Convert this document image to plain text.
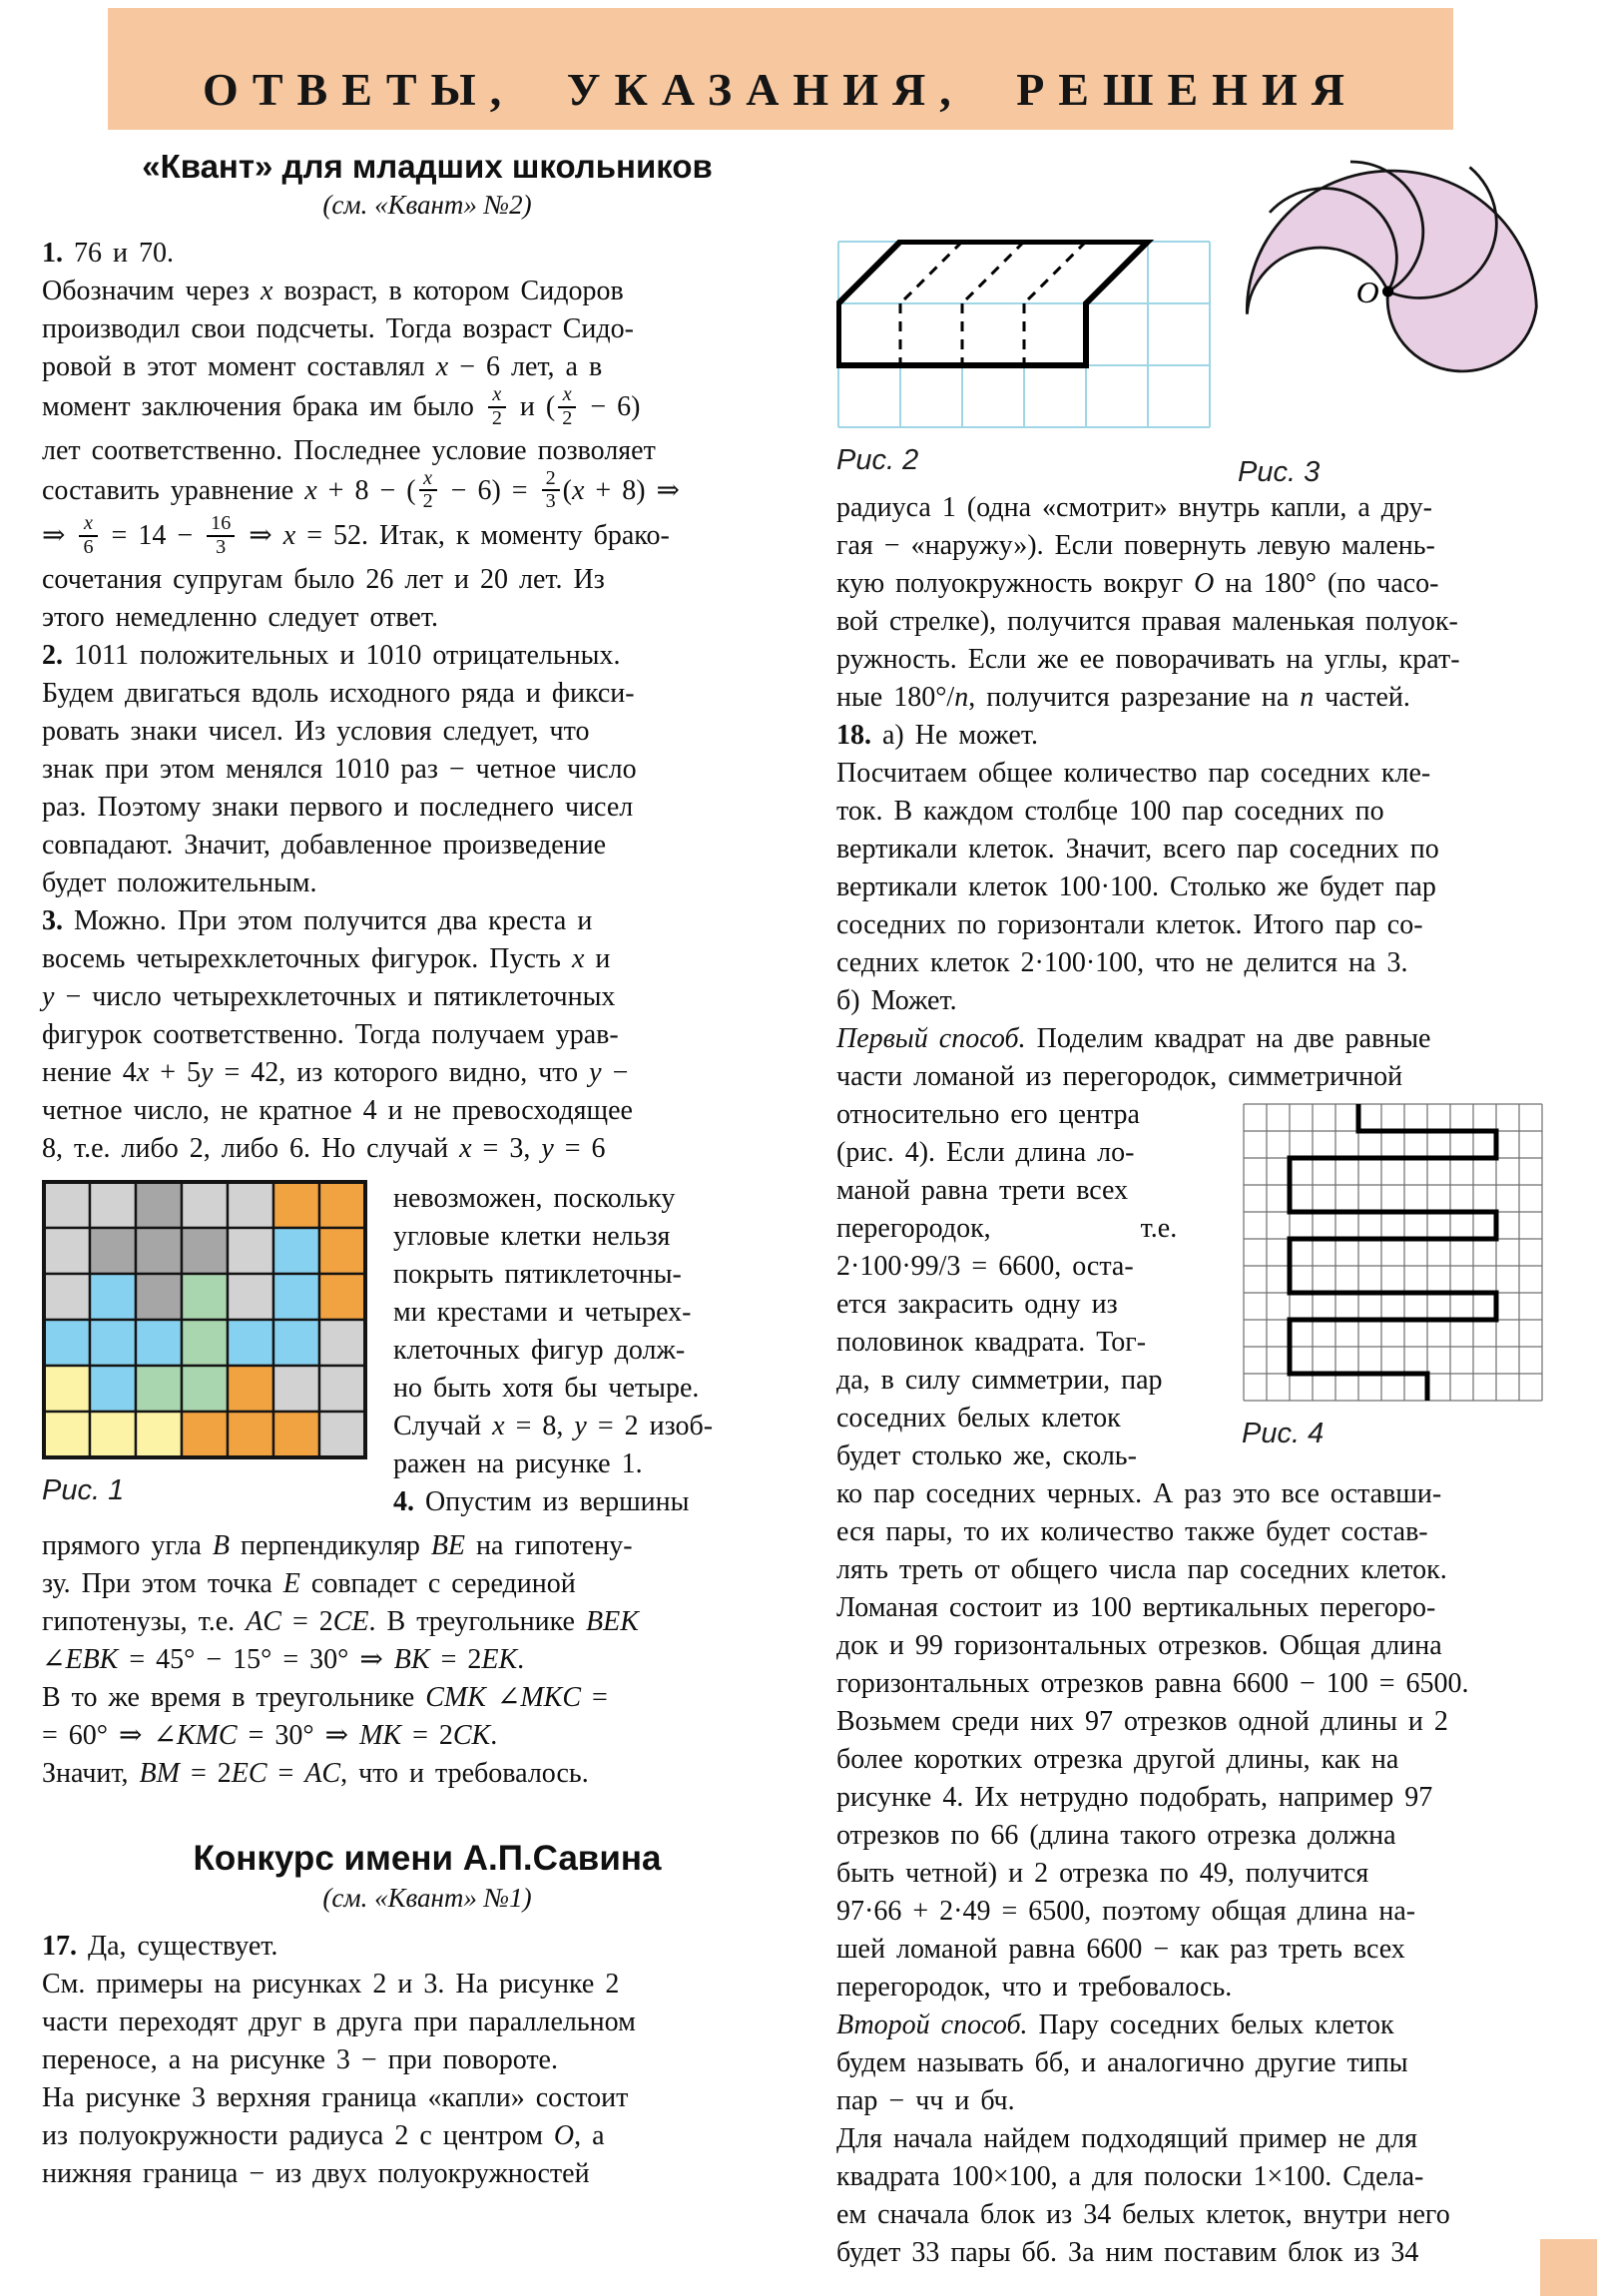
ОТВЕТЫ, УКАЗАНИЯ, РЕШЕНИЯ
«Квант» для младших школьников
(см. «Квант» №2)
1. 76 и 70.
Обозначим через x возраст, в котором Сидоров
производил свои подсчеты. Тогда возраст Сидо-
ровой в этот момент составлял x − 6 лет, а в
момент заключения брака им было $\frac{x}{2}$ и ( $\frac{x}{2} - 6$)
лет соответственно. Последнее условие позволяет
составить уравнение x + 8 − ( $\frac{x}{2} - 6) = \frac{2}{3} (x + 8)$ ⇒
⇒ $\frac{x}{6} = 14 - \frac{16}{3}$ ⇒ x = 52. Итак, к моменту брако-
сочетания супругам было 26 лет и 20 лет. Из
этого немедленно следует ответ.
2. 1011 положительных и 1010 отрицательных.
Будем двигаться вдоль исходного ряда и фикси-
ровать знаки чисел. Из условия следует, что
знак при этом менялся 1010 раз − четное число
раз. Поэтому знаки первого и последнего чисел
совпадают. Значит, добавленное произведение
будет положительным.
3. Можно. При этом получится два креста и
восемь четырехклеточных фигурок. Пусть x и
y − число четырехклеточных и пятиклеточных
фигурок соответственно. Тогда получаем урав-
нение 4x + 5y = 42, из которого видно, что y −
четное число, не кратное 4 и не превосходящее
8, т.е. либо 2, либо 6. Но случай x = 3, y = 6
Рис. 1
невозможен, поскольку
угловые клетки нельзя
покрыть пятиклеточны-
ми крестами и четырех-
клеточных фигур долж-
но быть хотя бы четыре.
Случай x = 8, y = 2 изоб-
ражен на рисунке 1.
4. Опустим из вершины
прямого угла B перпендикуляр BE на гипотену-
зу. При этом точка E совпадет с серединой
гипотенузы, т.е. AC = 2CE. В треугольнике BEK
∠EBK = 45° − 15° = 30° ⇒ BK = 2EK.
В то же время в треугольнике CMK ∠MKC =
= 60° ⇒ ∠KMC = 30° ⇒ MK = 2CK.
Значит, BM = 2EC = AC, что и требовалось.
Конкурс имени А.П.Савина
(см. «Квант» №1)
17. Да, существует.
См. примеры на рисунках 2 и 3. На рисунке 2
части переходят друг в друга при параллельном
переносе, а на рисунке 3 − при повороте.
На рисунке 3 верхняя граница «капли» состоит
из полуокружности радиуса 2 с центром O, а
нижняя граница − из двух полуокружностей
Рис. 2
O
Рис. 3
радиуса 1 (одна «смотрит» внутрь капли, а дру-
гая − «наружу»). Если повернуть левую малень-
кую полуокружность вокруг O на 180° (по часо-
вой стрелке), получится правая маленькая полуок-
ружность. Если же ее поворачивать на углы, крат-
ные 180°/n, получится разрезание на n частей.
18. а) Не может.
Посчитаем общее количество пар соседних кле-
ток. В каждом столбце 100 пар соседних по
вертикали клеток. Значит, всего пар соседних по
вертикали клеток 100·100. Столько же будет пар
соседних по горизонтали клеток. Итого пар со-
седних клеток 2·100·100, что не делится на 3.
б) Может.
Первый способ. Поделим квадрат на две равные
части ломаной из перегородок, симметричной
относительно его центра
(рис. 4). Если длина ло-
маной равна трети всех
перегородок,	т.е.
2·100·99/3 = 6600, оста-
ется закрасить одну из
половинок квадрата. Тог-
да, в силу симметрии, пар
соседних белых клеток
будет столько же, сколь-
Рис. 4
ко пар соседних черных. А раз это все оставши-
еся пары, то их количество также будет состав-
лять треть от общего числа пар соседних клеток.
Ломаная состоит из 100 вертикальных перегоро-
док и 99 горизонтальных отрезков. Общая длина
горизонтальных отрезков равна 6600 − 100 = 6500.
Возьмем среди них 97 отрезков одной длины и 2
более коротких отрезка другой длины, как на
рисунке 4. Их нетрудно подобрать, например 97
отрезков по 66 (длина такого отрезка должна
быть четной) и 2 отрезка по 49, получится
97·66 + 2·49 = 6500, поэтому общая длина на-
шей ломаной равна 6600 − как раз треть всех
перегородок, что и требовалось.
Второй способ. Пару соседних белых клеток
будем называть бб, и аналогично другие типы
пар − чч и бч.
Для начала найдем подходящий пример не для
квадрата 100×100, а для полоски 1×100. Сдела-
ем сначала блок из 34 белых клеток, внутри него
будет 33 пары бб. За ним поставим блок из 34
